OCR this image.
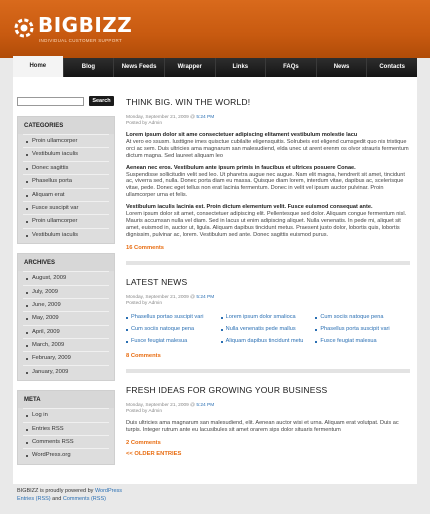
BIGBIZZ
INDIVIDUAL CUSTOMER SUPPORT
Home	Blog	News Feeds	Wrapper	Links	FAQs	News	Contacts
Search
CATEGORIES
Proin ullamcorper
Vestibulum iaculis
Donec sagittis
Phasellus porta
Aliquam erat
Fusce suscipit var
Proin ullamcorper
Vestibulum iaculis
ARCHIVES
August, 2009
July, 2009
June, 2009
May, 2009
April, 2009
March, 2009
February, 2009
January, 2009
META
Log in
Entries RSS
Comments RSS
WordPress.org
THINK BIG. WIN THE WORLD!
Monday, September 21, 2009 @ 5:24 PM
Posted by Admin

Lorem ipsum dolor sit ame consectetuer adipiscing elitament vestibulum molestie lacu
At vero eo ssusm. Iusttigne imes quisctue cubilalte eligensquitis. Solrubeis est eligend cumsgedit quo nis tristique orci ac sem. Duis ultricies ama magnarum san malesudiend, elda unec ut arent erenm os olvor strauris fermentum dictum magna. Sed laureet aliquam leo

Aenean nec eros. Vestibulum ante ipsum primis in faucibus et ultrices posuere Conae.
Suspendisse sollicitudin velit sed leo. Ut pharetra augue nec augue. Nam elit magna, hendrerit sit amet, tincidunt ac, viverra sed, nulla. Donec porta diam eu massa. Quisque diam lorem, interdum vitae, dapibus ac, scelerisque vitae, pede. Donec eget tellus non erat lacinia fermentum. Donec in velit vel ipsum auctor pulvinar. Proin ullamcorper urna et felis.

Vestibulum iaculis lacinia est. Proin dictum elementum velit. Fusce euismod consequat ante.
Lorem ipsum dolor sit amet, consectetuer adipiscing elit. Pellentesque sed dolor. Aliquam congue fermentum nisl. Mauris accumsan nulla vel diam. Sed in lacus ut enim adipiscing aliquet. Nulla venenatis. In pede mi, aliquet sit amet, euismod in, auctor ut, ligula. Aliquam dapibus tincidunt metus. Praesent justo dolor, lobortis quis, lobortis dignissim, pulvinar ac, lorem. Vestibulum sed ante. Donec sagittis euismod purus.

16 Comments
LATEST NEWS
Monday, September 21, 2009 @ 5:24 PM
Posted by Admin
Phasellus portao suscipit vari	Lorem ipsum dolor smalioca	Cum sociis natoque pena
Cum sociis natoque pena	Nulla venenatis pede mallus	Phasellus porta suscipit vari
Fusce feugiat malesua	Aliquam dapibus tincidunt metu	Fusce feugiat malesua
8 Comments
FRESH IDEAS FOR GROWING YOUR BUSINESS
Monday, September 21, 2009 @ 5:24 PM
Posted by Admin

Duis ultricies ama magnarum san malesudiend, elit. Aenean auctor wisi et urna. Aliquam erat volutpat. Duis ac turpis. Integer rutrum ante eu lacusibules sit amet orarem sips dolor situaris fermentum

2 Comments
<< OLDER ENTRIES
BIGBIZZ is proudly powered by WordPress
Entries (RSS) and Comments (RSS)
